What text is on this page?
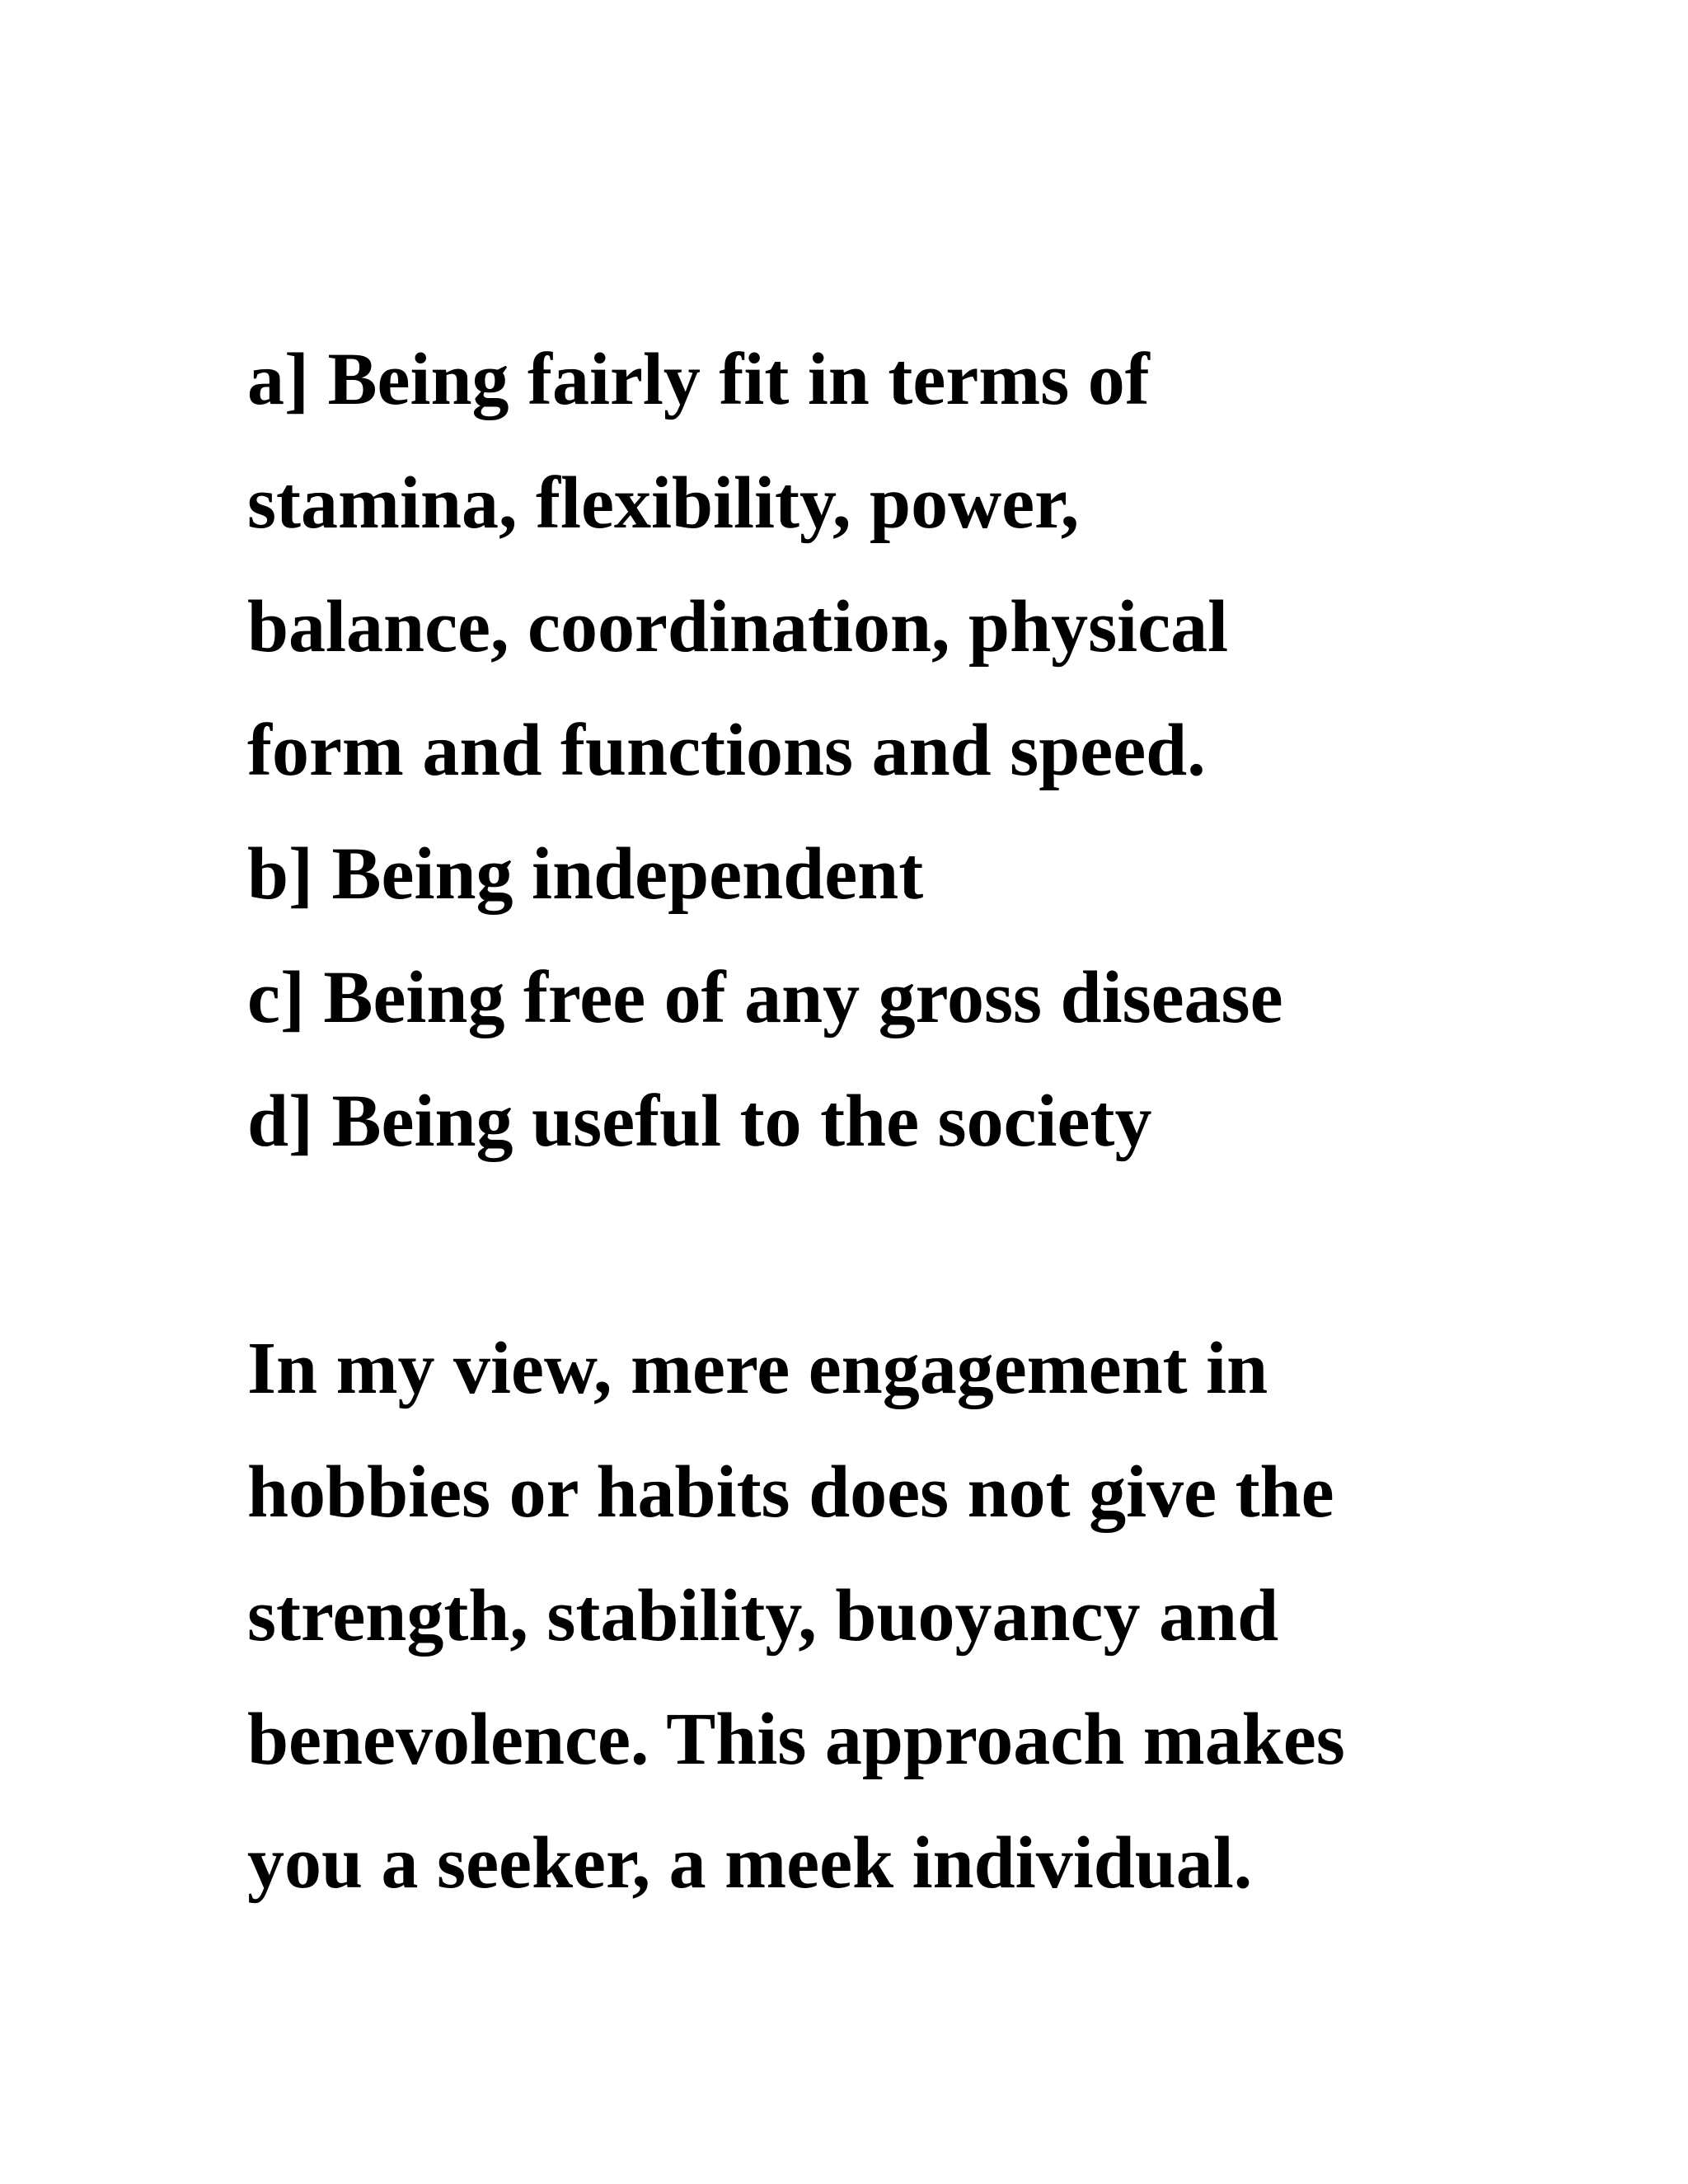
a] Being fairly fit in terms of
stamina, flexibility, power,
balance, coordination, physical
form and functions and speed.
b] Being independent
c] Being free of any gross disease
d] Being useful to the society
In my view, mere engagement in
hobbies or habits does not give the
strength, stability, buoyancy and
benevolence. This approach makes
you a seeker, a meek individual.
